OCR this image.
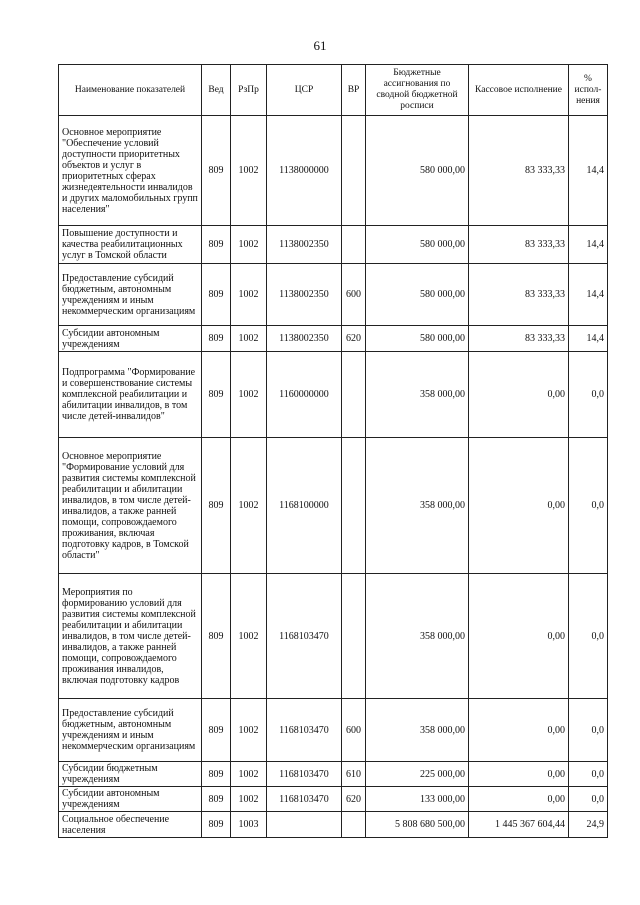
61
Наименование показателей	Вед	РзПр	ЦСР	ВР	Бюджетные ассигнования по сводной бюджетной росписи	Кассовое исполнение	% испол-нения
Основное мероприятие "Обеспечение условий доступности приоритетных объектов и услуг в приоритетных сферах жизнедеятельности инвалидов и других маломобильных групп населения"	809	1002	1138000000		580 000,00	83 333,33	14,4
Повышение доступности и качества реабилитационных услуг в Томской области	809	1002	1138002350		580 000,00	83 333,33	14,4
Предоставление субсидий бюджетным, автономным учреждениям и иным некоммерческим организациям	809	1002	1138002350	600	580 000,00	83 333,33	14,4
Субсидии автономным учреждениям	809	1002	1138002350	620	580 000,00	83 333,33	14,4
Подпрограмма "Формирование и совершенствование системы комплексной реабилитации и абилитации инвалидов, в том числе детей-инвалидов"	809	1002	1160000000		358 000,00	0,00	0,0
Основное мероприятие "Формирование условий для развития системы комплексной реабилитации и абилитации инвалидов, в том числе детей-инвалидов, а также ранней помощи, сопровождаемого проживания, включая подготовку кадров, в Томской области"	809	1002	1168100000		358 000,00	0,00	0,0
Мероприятия по формированию условий для развития системы комплексной реабилитации и абилитации инвалидов, в том числе детей-инвалидов, а также ранней помощи, сопровождаемого проживания инвалидов, включая подготовку кадров	809	1002	1168103470		358 000,00	0,00	0,0
Предоставление субсидий бюджетным, автономным учреждениям и иным некоммерческим организациям	809	1002	1168103470	600	358 000,00	0,00	0,0
Субсидии бюджетным учреждениям	809	1002	1168103470	610	225 000,00	0,00	0,0
Субсидии автономным учреждениям	809	1002	1168103470	620	133 000,00	0,00	0,0
Социальное обеспечение населения	809	1003			5 808 680 500,00	1 445 367 604,44	24,9
